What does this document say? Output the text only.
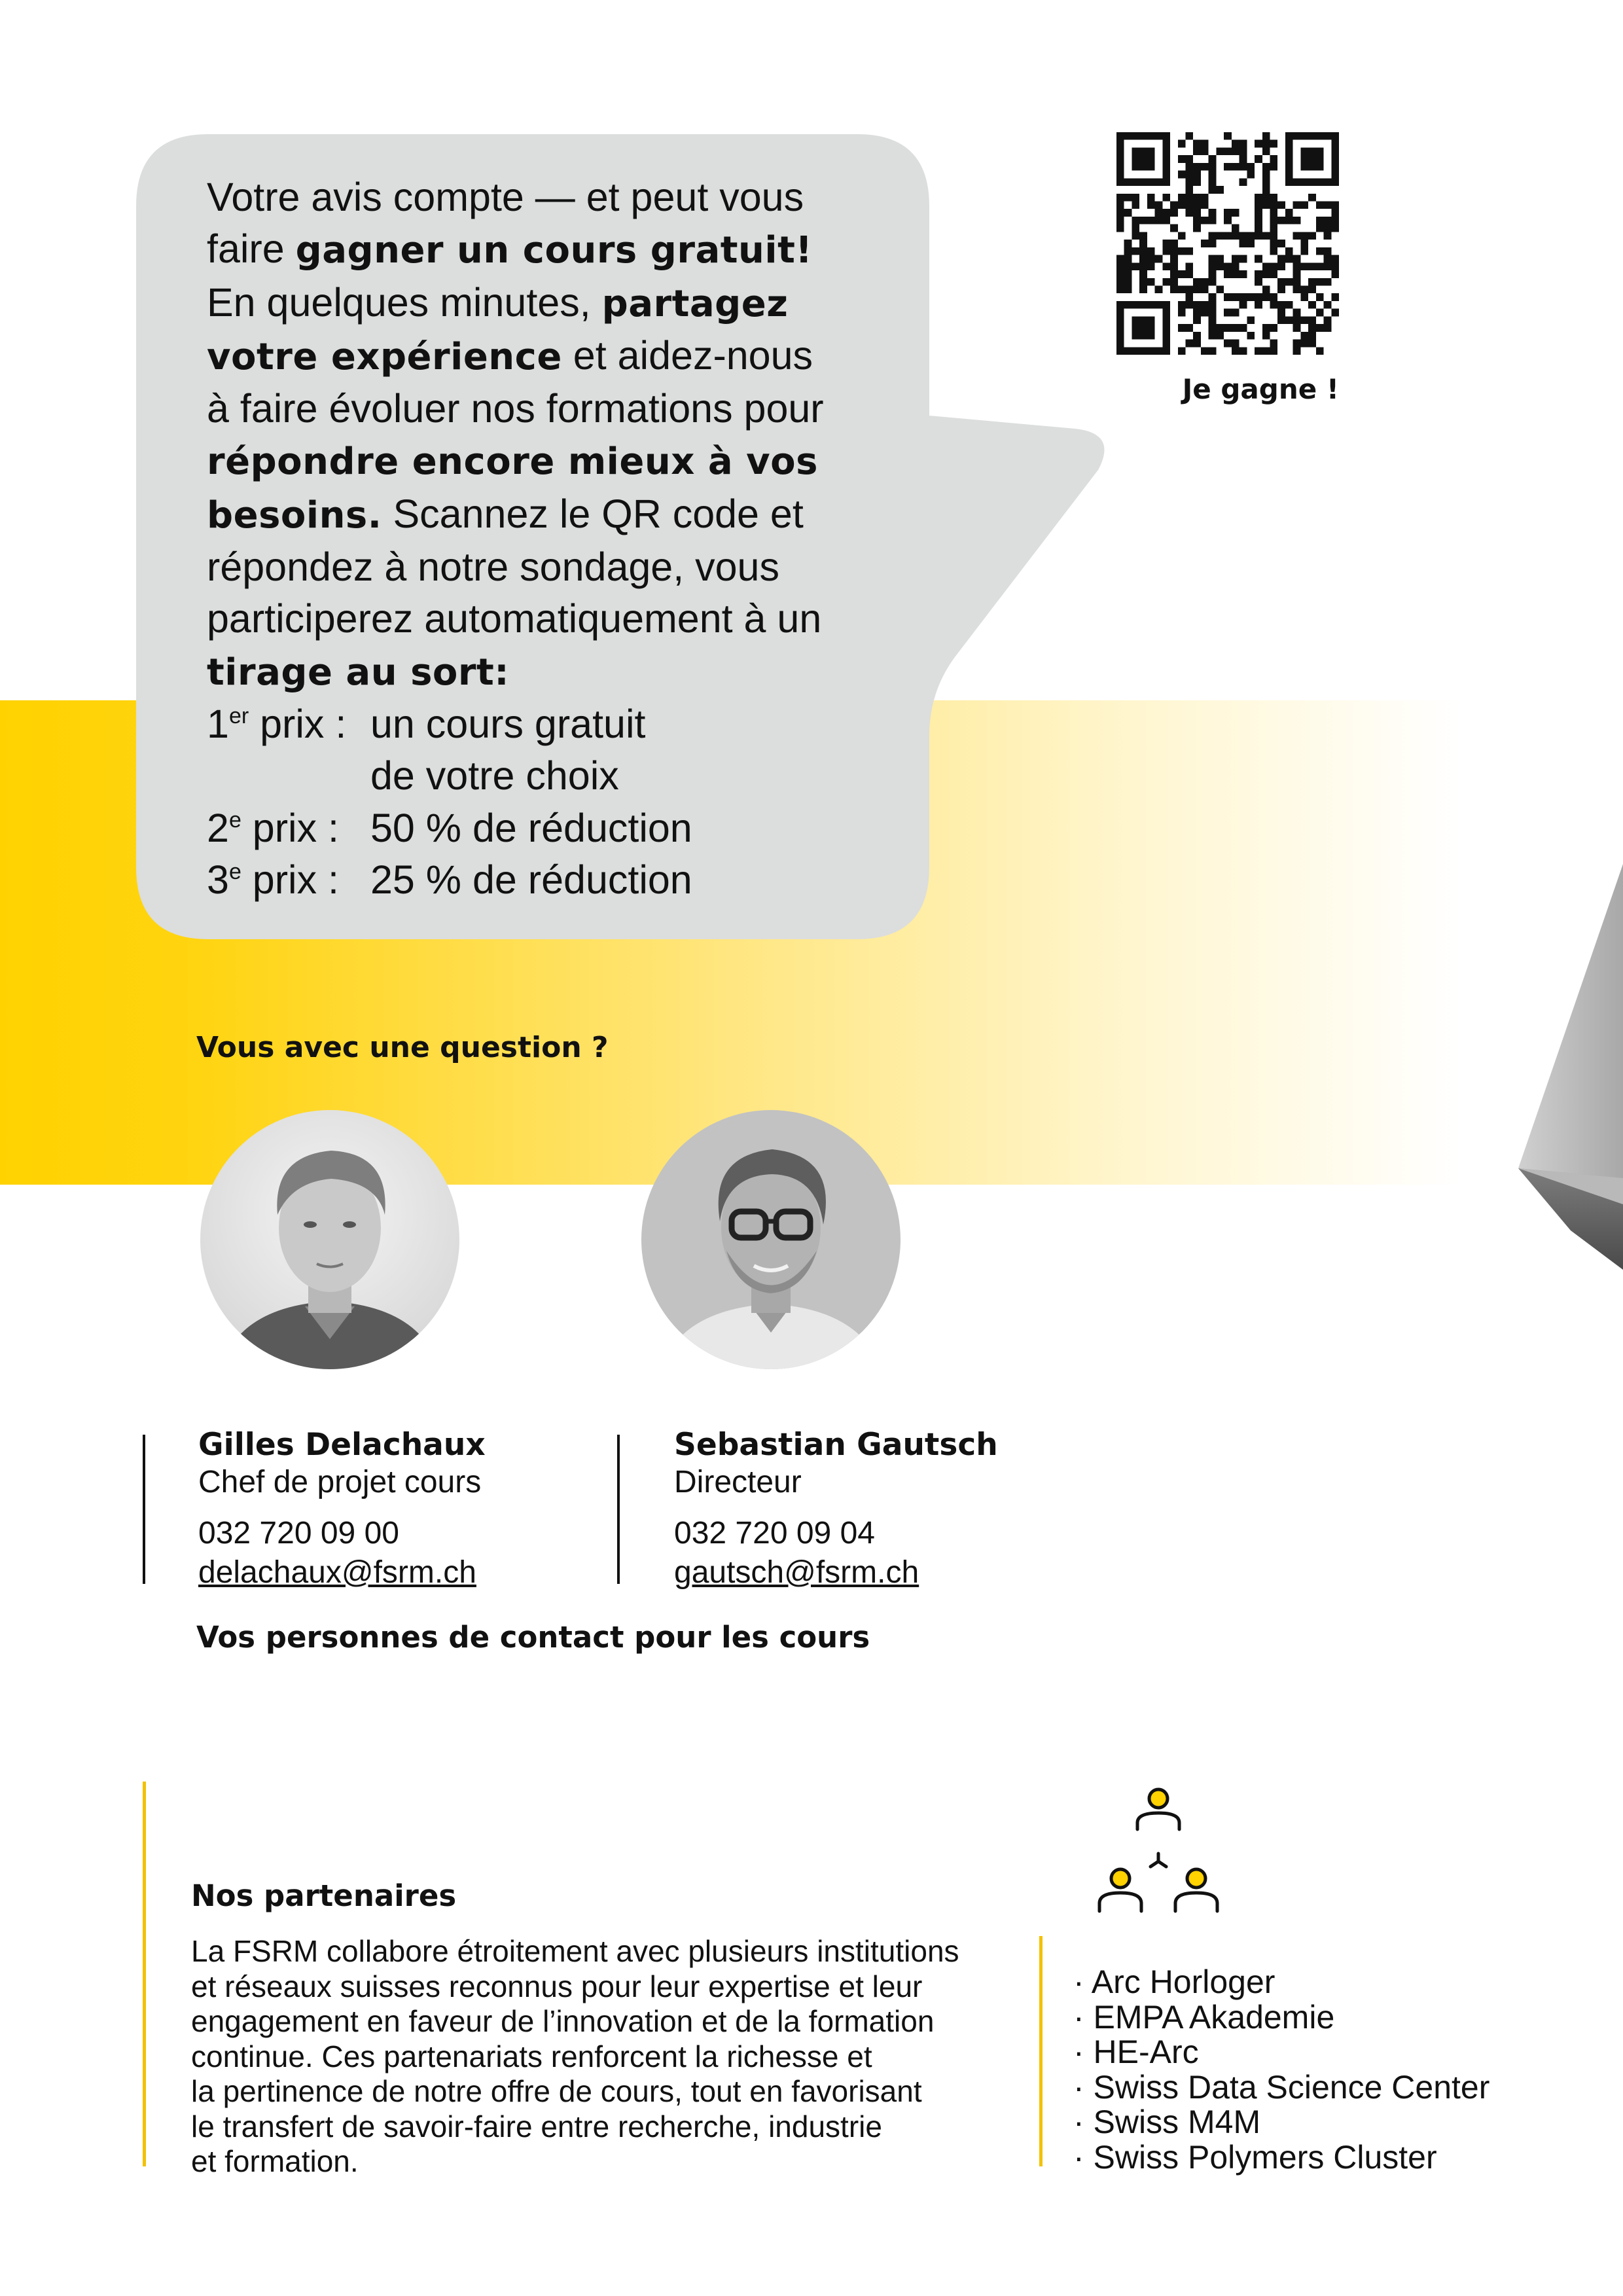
Votre avis compte — et peut vous
faire gagner un cours gratuit!
En quelques minutes, partagez
votre expérience et aidez-nous
à faire évoluer nos formations pour
répondre encore mieux à vos
besoins. Scannez le QR code et
répondez à notre sondage, vous
participerez automatiquement à un
tirage au sort:
1er prix : un cours gratuit
de votre choix
2e prix : 50 % de réduction
3e prix : 25 % de réduction
Je gagne !
Vous avec une question ?
Gilles Delachaux
Chef de projet cours
032 720 09 00
delachaux@fsrm.ch
Sebastian Gautsch
Directeur
032 720 09 04
gautsch@fsrm.ch
Vos personnes de contact pour les cours
Nos partenaires
La FSRM collabore étroitement avec plusieurs institutions
et réseaux suisses reconnus pour leur expertise et leur
engagement en faveur de l’innovation et de la formation
continue. Ces partenariats renforcent la richesse et
la pertinence de notre offre de cours, tout en favorisant
le transfert de savoir-faire entre recherche, industrie
et formation.
· Arc Horloger
· EMPA Akademie
· HE-Arc
· Swiss Data Science Center
· Swiss M4M
· Swiss Polymers Cluster
